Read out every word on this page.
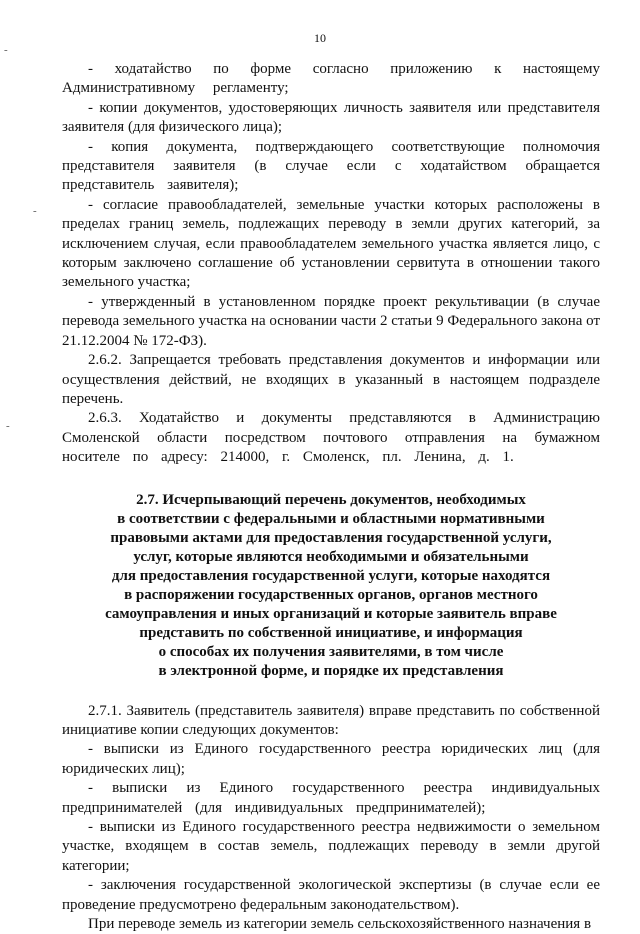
-
-
-
10

- ходатайство по форме согласно приложению к настоящему Административному регламенту;

- копии документов, удостоверяющих личность заявителя или представителя заявителя (для физического лица);

- копия документа, подтверждающего соответствующие полномочия представителя заявителя (в случае если с ходатайством обращается представитель заявителя);

- согласие правообладателей, земельные участки которых расположены в пределах границ земель, подлежащих переводу в земли других категорий, за исключением случая, если правообладателем земельного участка является лицо, с которым заключено соглашение об установлении сервитута в отношении такого земельного участка;

- утвержденный в установленном порядке проект рекультивации (в случае перевода земельного участка на основании части 2 статьи 9 Федерального закона от 21.12.2004 № 172-ФЗ).

2.6.2. Запрещается требовать представления документов и информации или осуществления действий, не входящих в указанный в настоящем подразделе перечень.

2.6.3. Ходатайство и документы представляются в Администрацию Смоленской области посредством почтового отправления на бумажном носителе по адресу: 214000, г. Смоленск, пл. Ленина, д. 1.

2.7. Исчерпывающий перечень документов, необходимых
в соответствии с федеральными и областными нормативными
правовыми актами для предоставления государственной услуги,
услуг, которые являются необходимыми и обязательными
для предоставления государственной услуги, которые находятся
в распоряжении государственных органов, органов местного
самоуправления и иных организаций и которые заявитель вправе
представить по собственной инициативе, и информация
о способах их получения заявителями, в том числе
в электронной форме, и порядке их представления

2.7.1. Заявитель (представитель заявителя) вправе представить по собственной инициативе копии следующих документов:

- выписки из Единого государственного реестра юридических лиц (для юридических лиц);

- выписки из Единого государственного реестра индивидуальных предпринимателей (для индивидуальных предпринимателей);

- выписки из Единого государственного реестра недвижимости о земельном участке, входящем в состав земель, подлежащих переводу в земли другой категории;

- заключения государственной экологической экспертизы (в случае если ее проведение предусмотрено федеральным законодательством).

При переводе земель из категории земель сельскохозяйственного назначения в
